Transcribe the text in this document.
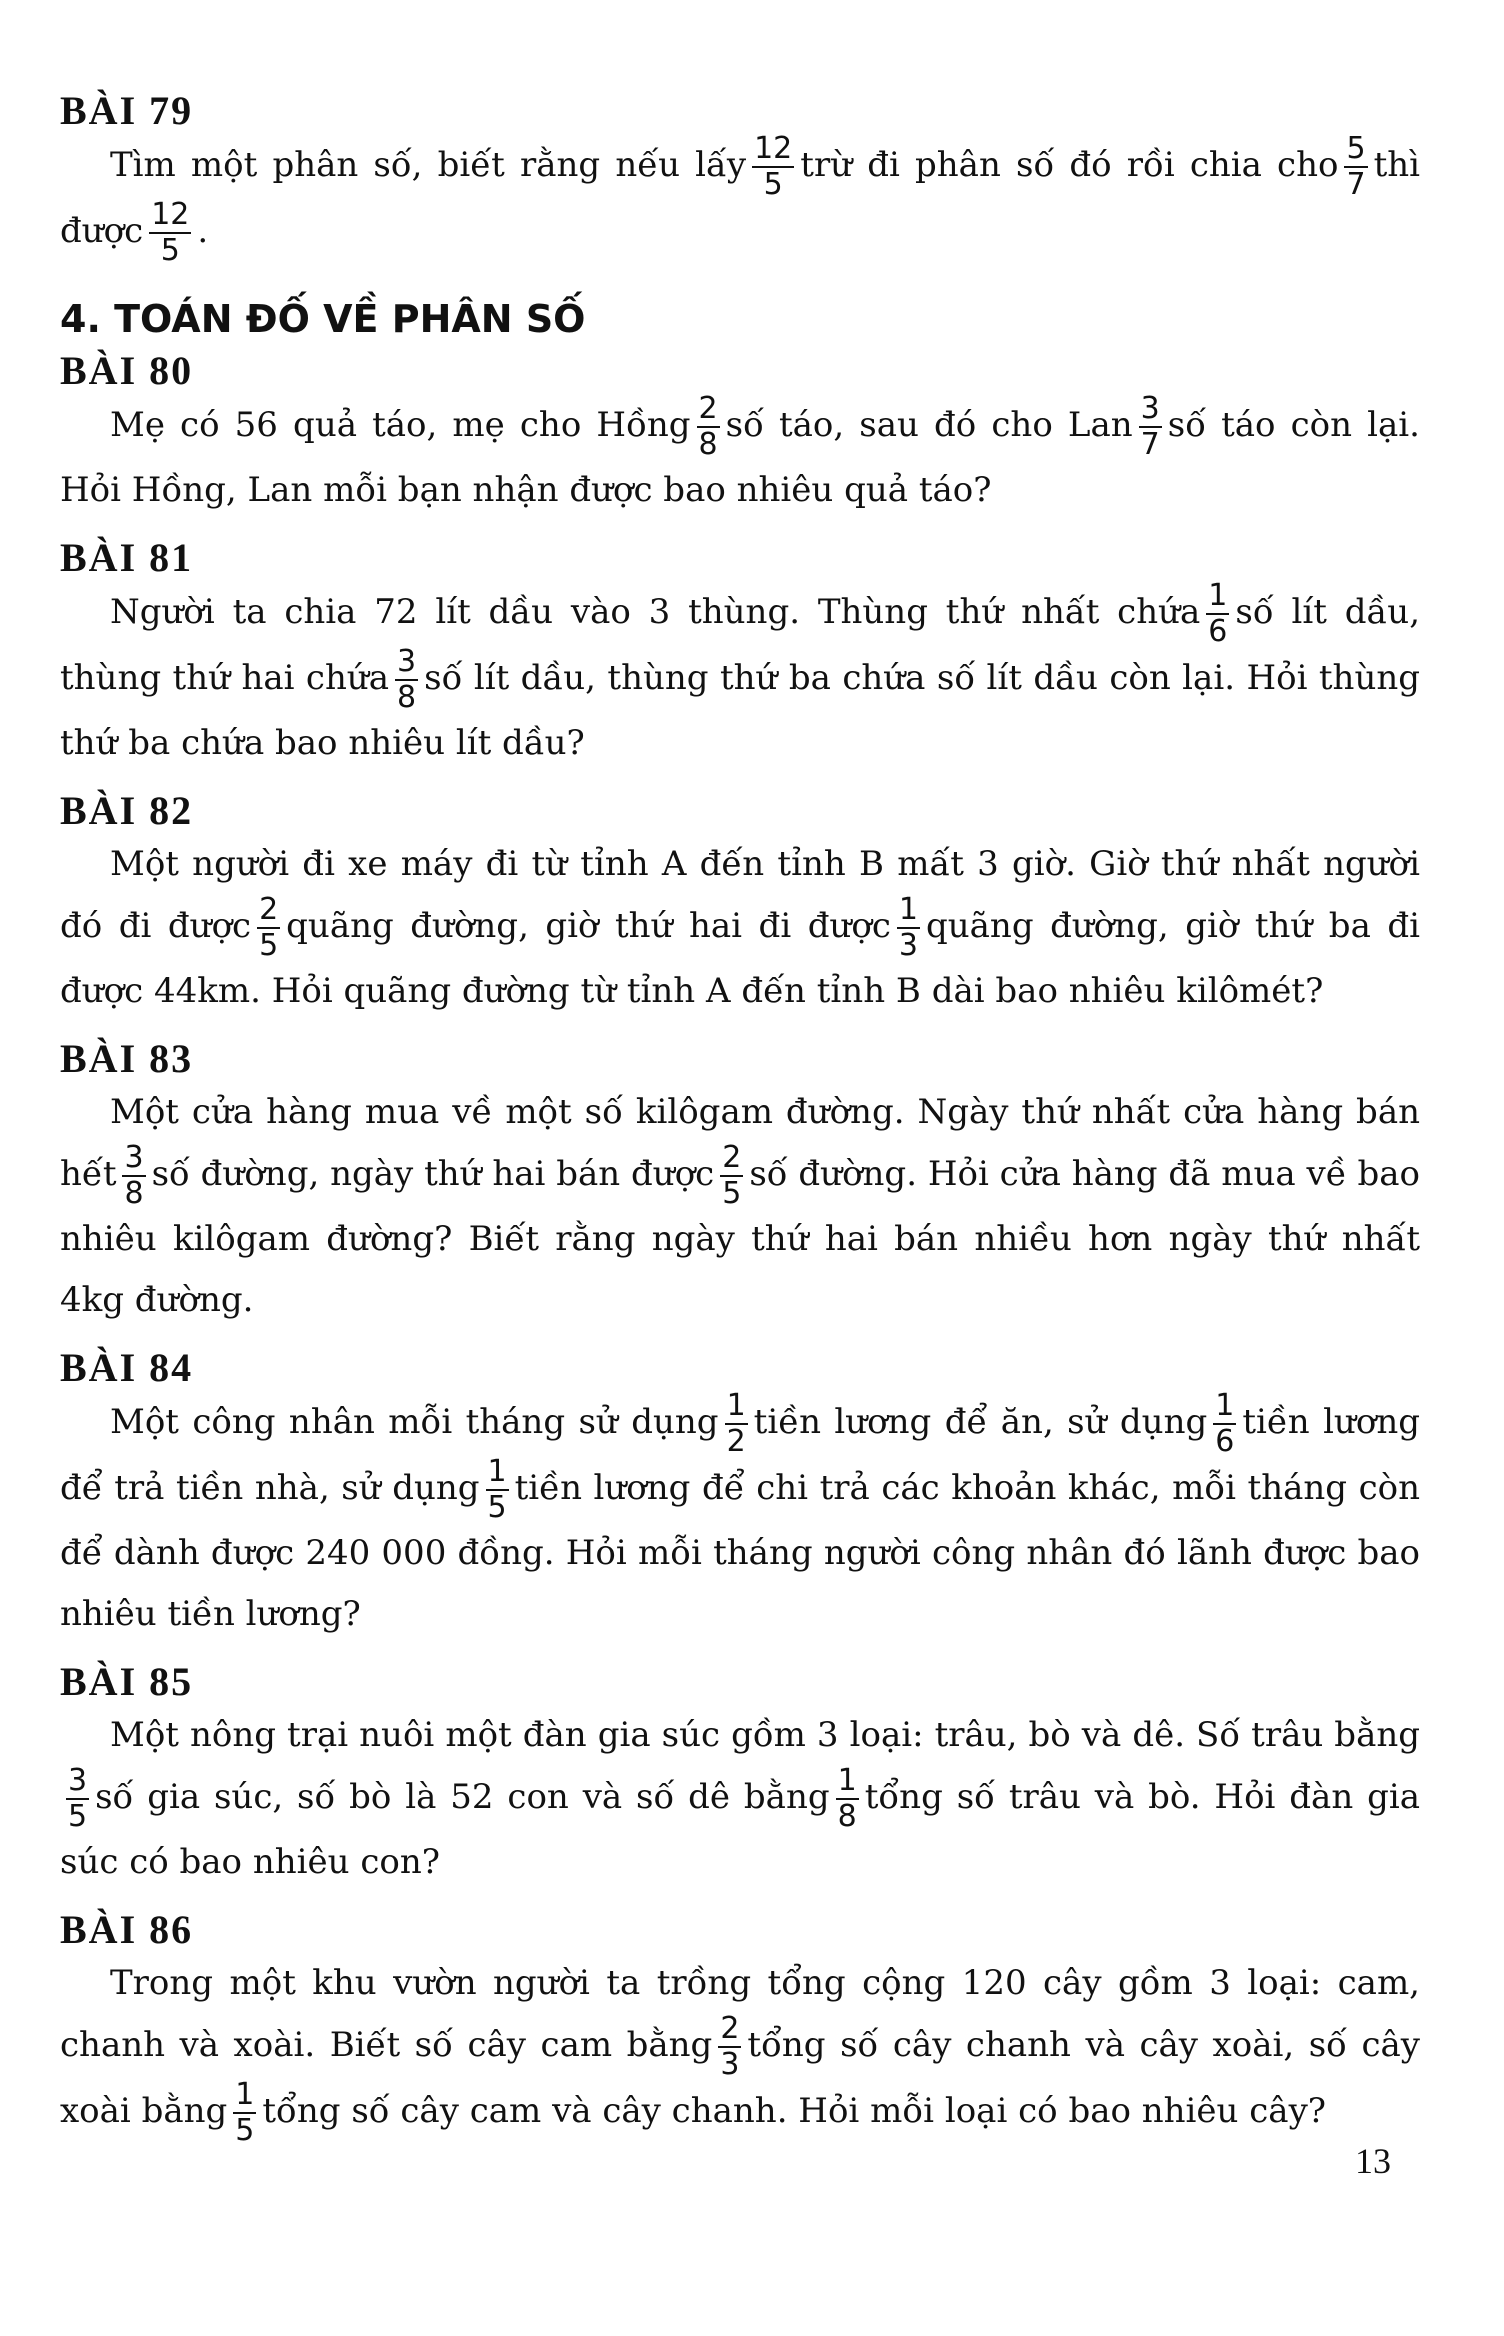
BÀI 79

Tìm một phân số, biết rằng nếu lấy $\frac{12}{5}$ trừ đi phân số đó rồi chia cho $\frac{5}{7}$ thì được $\frac{12}{5}$ .

4. TOÁN ĐỐ VỀ PHÂN SỐ
BÀI 80

Mẹ có 56 quả táo, mẹ cho Hồng $\frac{2}{8}$ số táo, sau đó cho Lan $\frac{3}{7}$ số táo còn lại. Hỏi Hồng, Lan mỗi bạn nhận được bao nhiêu quả táo?

BÀI 81

Người ta chia 72 lít dầu vào 3 thùng. Thùng thứ nhất chứa $\frac{1}{6}$ số lít dầu, thùng thứ hai chứa $\frac{3}{8}$ số lít dầu, thùng thứ ba chứa số lít dầu còn lại. Hỏi thùng thứ ba chứa bao nhiêu lít dầu?

BÀI 82

Một người đi xe máy đi từ tỉnh A đến tỉnh B mất 3 giờ. Giờ thứ nhất người đó đi được $\frac{2}{5}$ quãng đường, giờ thứ hai đi được $\frac{1}{3}$ quãng đường, giờ thứ ba đi được 44km. Hỏi quãng đường từ tỉnh A đến tỉnh B dài bao nhiêu kilômét?

BÀI 83

Một cửa hàng mua về một số kilôgam đường. Ngày thứ nhất cửa hàng bán hết $\frac{3}{8}$ số đường, ngày thứ hai bán được $\frac{2}{5}$ số đường. Hỏi cửa hàng đã mua về bao nhiêu kilôgam đường? Biết rằng ngày thứ hai bán nhiều hơn ngày thứ nhất 4kg đường.

BÀI 84

Một công nhân mỗi tháng sử dụng $\frac{1}{2}$ tiền lương để ăn, sử dụng $\frac{1}{6}$ tiền lương để trả tiền nhà, sử dụng $\frac{1}{5}$ tiền lương để chi trả các khoản khác, mỗi tháng còn để dành được 240 000 đồng. Hỏi mỗi tháng người công nhân đó lãnh được bao nhiêu tiền lương?

BÀI 85

Một nông trại nuôi một đàn gia súc gồm 3 loại: trâu, bò và dê. Số trâu bằng
$\frac{3}{5}$ số gia súc, số bò là 52 con và số dê bằng $\frac{1}{8}$ tổng số trâu và bò. Hỏi đàn gia súc có bao nhiêu con?

BÀI 86

Trong một khu vườn người ta trồng tổng cộng 120 cây gồm 3 loại: cam, chanh và xoài. Biết số cây cam bằng $\frac{2}{3}$ tổng số cây chanh và cây xoài, số cây xoài bằng $\frac{1}{5}$ tổng số cây cam và cây chanh. Hỏi mỗi loại có bao nhiêu cây?

13
